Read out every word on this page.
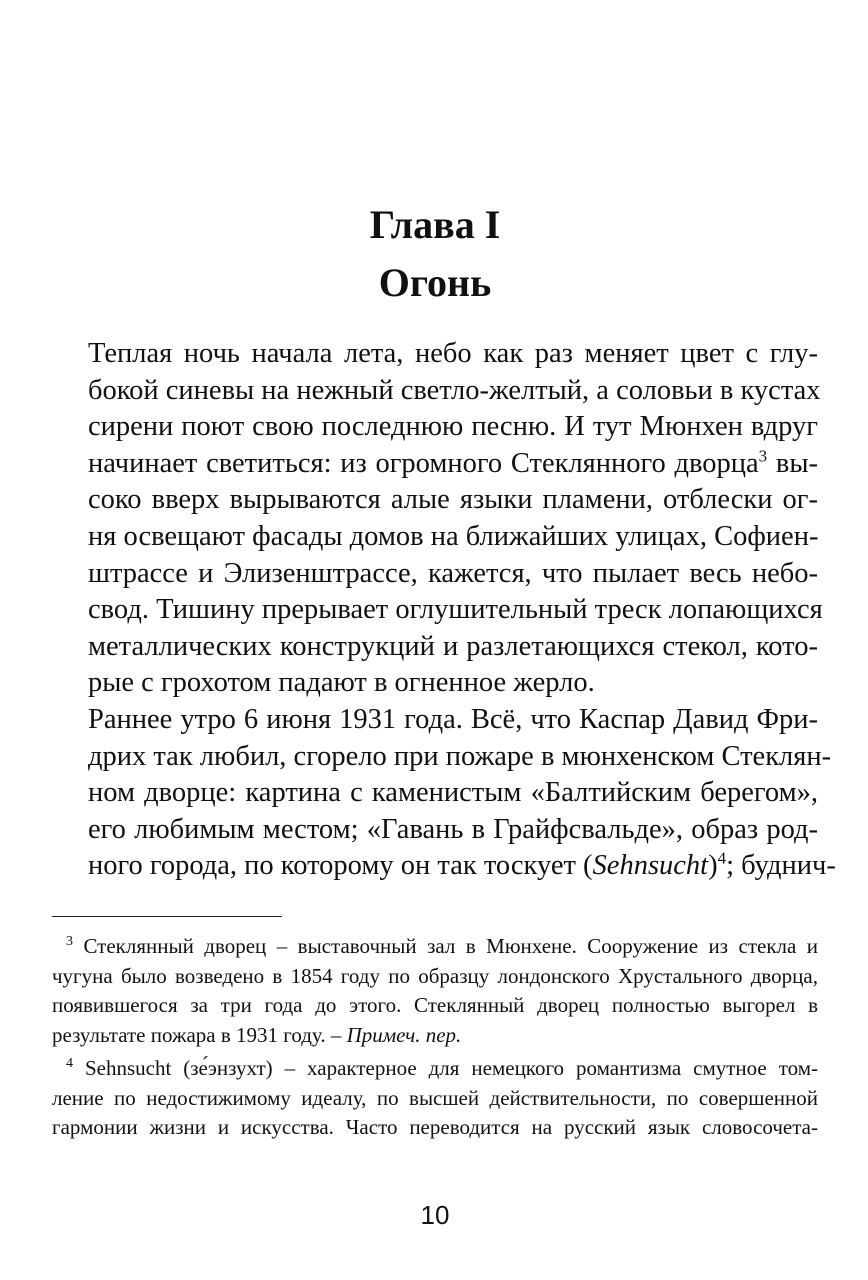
Глава I
Огонь

Теплая ночь начала лета, небо как раз меняет цвет с глу-
бокой синевы на нежный светло-желтый, а соловьи в кустах
сирени поют свою последнюю песню. И тут Мюнхен вдруг
начинает светиться: из огромного Стеклянного дворца$^3$ вы-
соко вверх вырываются алые языки пламени, отблески ог-
ня освещают фасады домов на ближайших улицах, Софиен-
штрассе и Элизенштрассе, кажется, что пылает весь небо-
свод. Тишину прерывает оглушительный треск лопающихся
металлических конструкций и разлетающихся стекол, кото-
рые с грохотом падают в огненное жерло.

Раннее утро 6 июня 1931 года. Всё, что Каспар Давид Фри-
дрих так любил, сгорело при пожаре в мюнхенском Стеклян-
ном дворце: картина с каменистым «Балтийским берегом»,
его любимым местом; «Гавань в Грайфсвальде», образ род-
ного города, по которому он так тоскует (Sehnsucht)$^4$; буднич-

$^3$ Стеклянный дворец – выставочный зал в Мюнхене. Сооружение из стекла и
чугуна было возведено в 1854 году по образцу лондонского Хрустального дворца,
появившегося за три года до этого. Стеклянный дворец полностью выгорел в
результате пожара в 1931 году. – Примеч. пер.
$^4$ Sehnsucht (зе́энзухт) – характерное для немецкого романтизма смутное том-
ление по недостижимому идеалу, по высшей действительности, по совершенной
гармонии жизни и искусства. Часто переводится на русский язык словосочета-
10
